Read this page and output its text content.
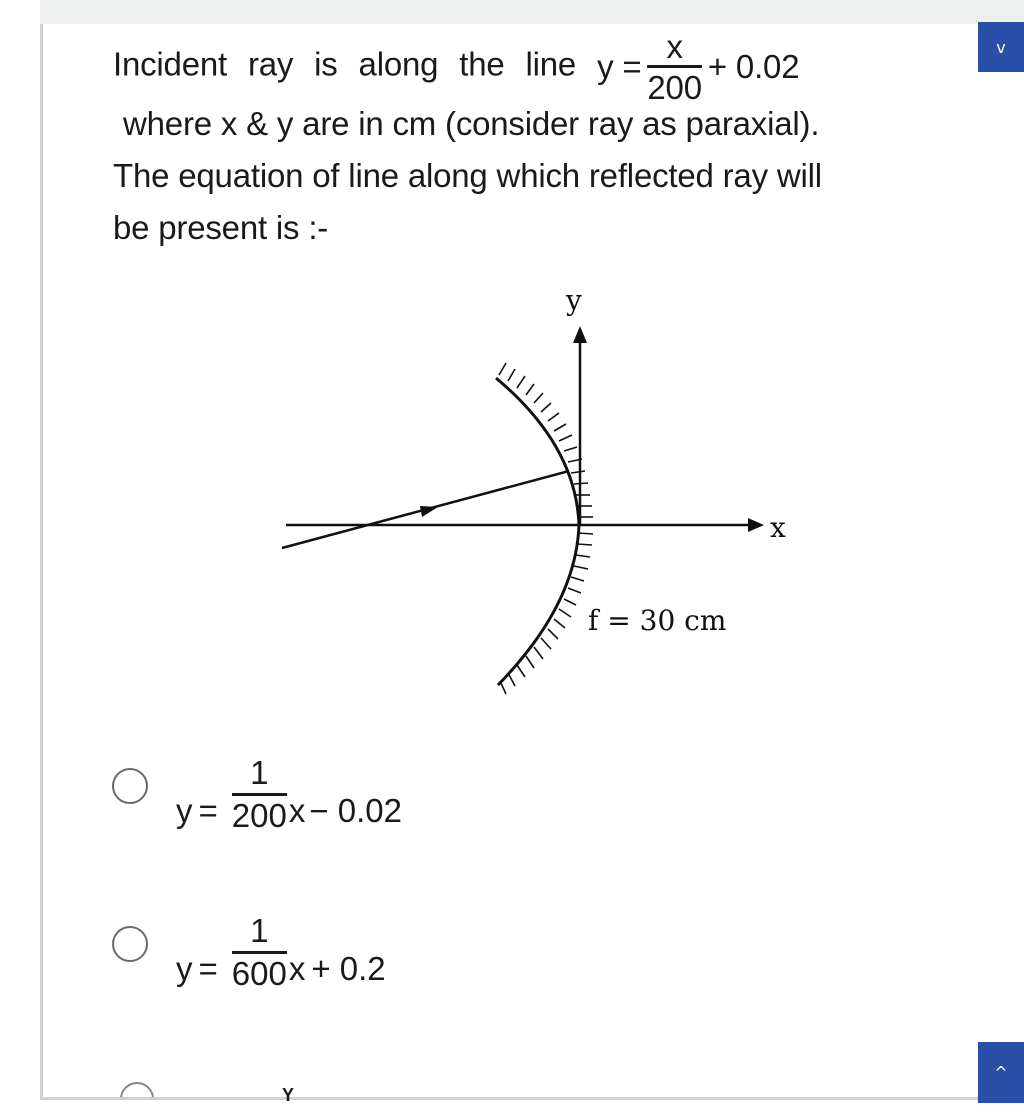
v
Incident ray is along the line $y = \frac{x}{200} + 0.02$
where x & y are in cm (consider ray as paraxial).
The equation of line along which reflected ray will
be present is :-
y
x
f = 30 cm
$y = \frac{1}{200}$ x − 0.02
$y = \frac{1}{600}$ x + 0.2
Y
^
